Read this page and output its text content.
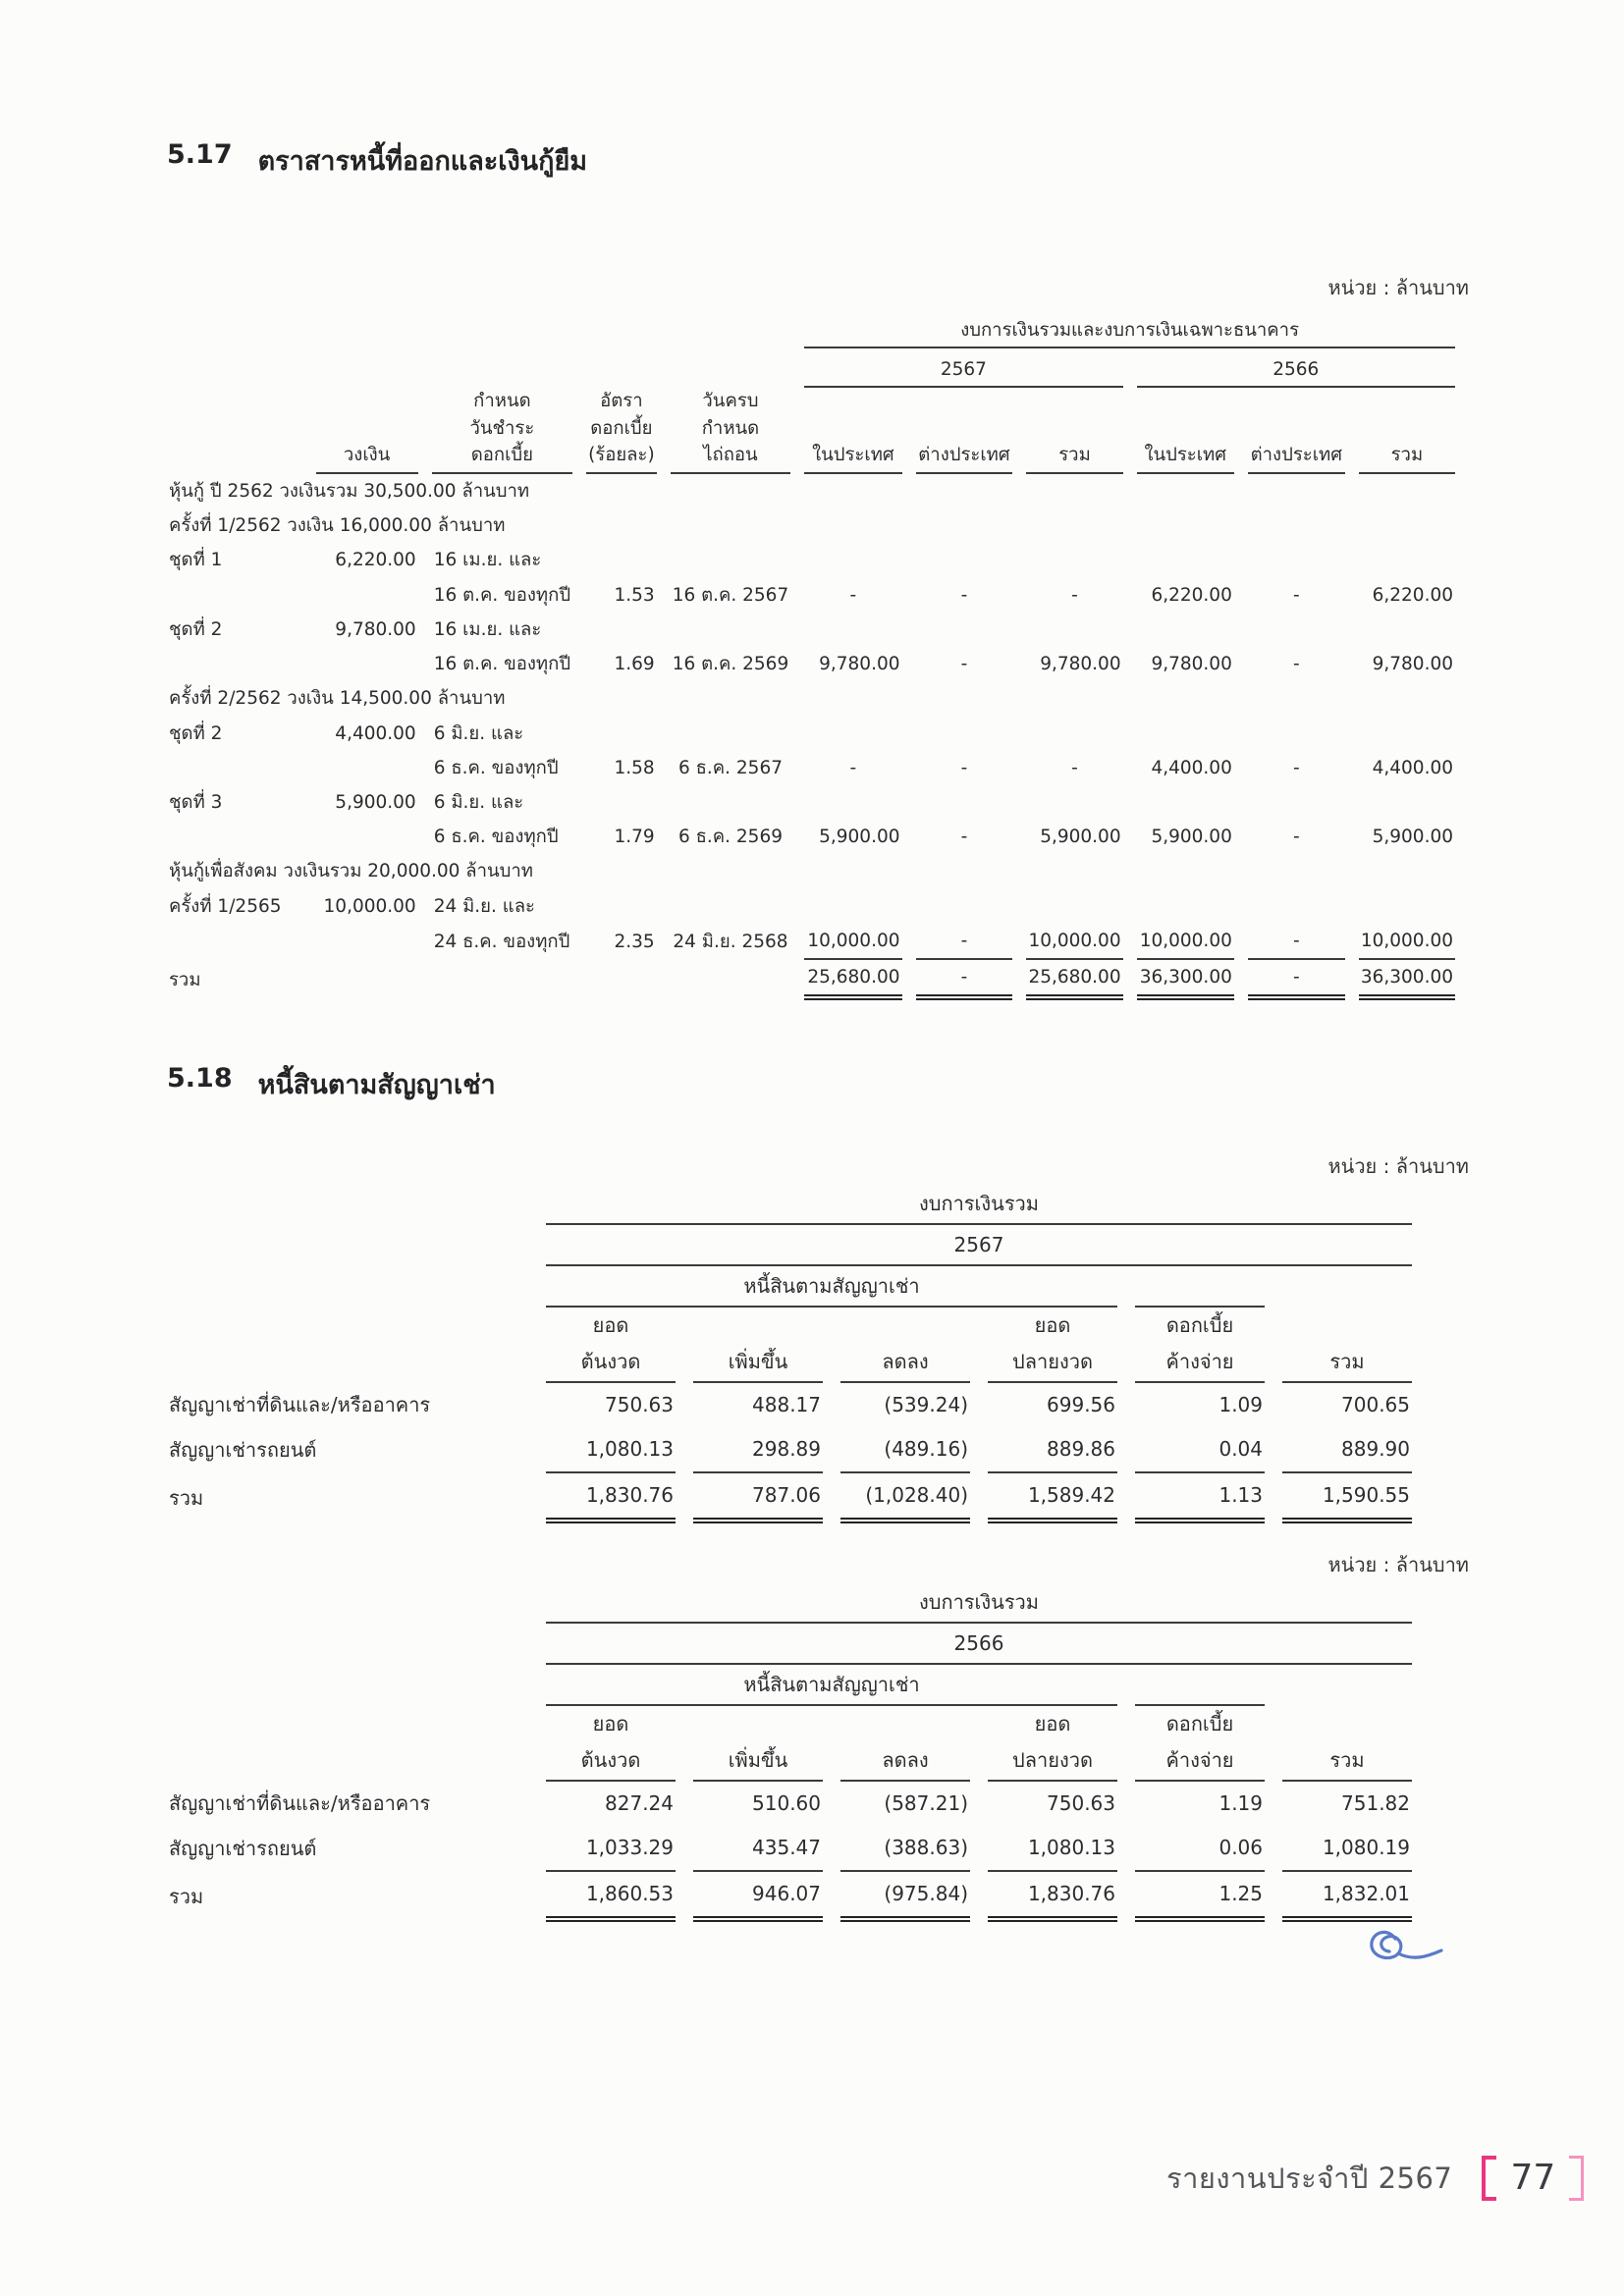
5.17 ตราสารหนี้ที่ออกและเงินกู้ยืม
หน่วย : ล้านบาท
					งบการเงินรวมและงบการเงินเฉพาะธนาคาร					
					2567			2566		
		กำหนด	อัตรา	วันครบ						
		วันชำระ	ดอกเบี้ย	กำหนด						
	วงเงิน	ดอกเบี้ย	(ร้อยละ)	ไถ่ถอน	ในประเทศ	ต่างประเทศ	รวม	ในประเทศ	ต่างประเทศ	รวม
หุ้นกู้ ปี 2562 วงเงินรวม 30,500.00 ล้านบาท										
ครั้งที่ 1/2562 วงเงิน 16,000.00 ล้านบาท										
ชุดที่ 1	6,220.00	16 เม.ย. และ								
		16 ต.ค. ของทุกปี	1.53	16 ต.ค. 2567	-	-	-	6,220.00	-	6,220.00
ชุดที่ 2	9,780.00	16 เม.ย. และ								
		16 ต.ค. ของทุกปี	1.69	16 ต.ค. 2569	9,780.00	-	9,780.00	9,780.00	-	9,780.00
ครั้งที่ 2/2562 วงเงิน 14,500.00 ล้านบาท										
ชุดที่ 2	4,400.00	6 มิ.ย. และ								
		6 ธ.ค. ของทุกปี	1.58	6 ธ.ค. 2567	-	-	-	4,400.00	-	4,400.00
ชุดที่ 3	5,900.00	6 มิ.ย. และ								
		6 ธ.ค. ของทุกปี	1.79	6 ธ.ค. 2569	5,900.00	-	5,900.00	5,900.00	-	5,900.00
หุ้นกู้เพื่อสังคม วงเงินรวม 20,000.00 ล้านบาท										
ครั้งที่ 1/2565	10,000.00	24 มิ.ย. และ								
		24 ธ.ค. ของทุกปี	2.35	24 มิ.ย. 2568	10,000.00	-	10,000.00	10,000.00	-	10,000.00
รวม					25,680.00	-	25,680.00	36,300.00	-	36,300.00
5.18 หนี้สินตามสัญญาเช่า
หน่วย : ล้านบาท
	งบการเงินรวม					
	2567					
	หนี้สินตามสัญญาเช่า					
	ยอด			ยอด	ดอกเบี้ย	
	ต้นงวด	เพิ่มขึ้น	ลดลง	ปลายงวด	ค้างจ่าย	รวม
สัญญาเช่าที่ดินและ/หรืออาคาร	750.63	488.17	(539.24)	699.56	1.09	700.65
สัญญาเช่ารถยนต์	1,080.13	298.89	(489.16)	889.86	0.04	889.90
รวม	1,830.76	787.06	(1,028.40)	1,589.42	1.13	1,590.55
หน่วย : ล้านบาท
	งบการเงินรวม					
	2566					
	หนี้สินตามสัญญาเช่า					
	ยอด			ยอด	ดอกเบี้ย	
	ต้นงวด	เพิ่มขึ้น	ลดลง	ปลายงวด	ค้างจ่าย	รวม
สัญญาเช่าที่ดินและ/หรืออาคาร	827.24	510.60	(587.21)	750.63	1.19	751.82
สัญญาเช่ารถยนต์	1,033.29	435.47	(388.63)	1,080.13	0.06	1,080.19
รวม	1,860.53	946.07	(975.84)	1,830.76	1.25	1,832.01
รายงานประจำปี 2567	77
